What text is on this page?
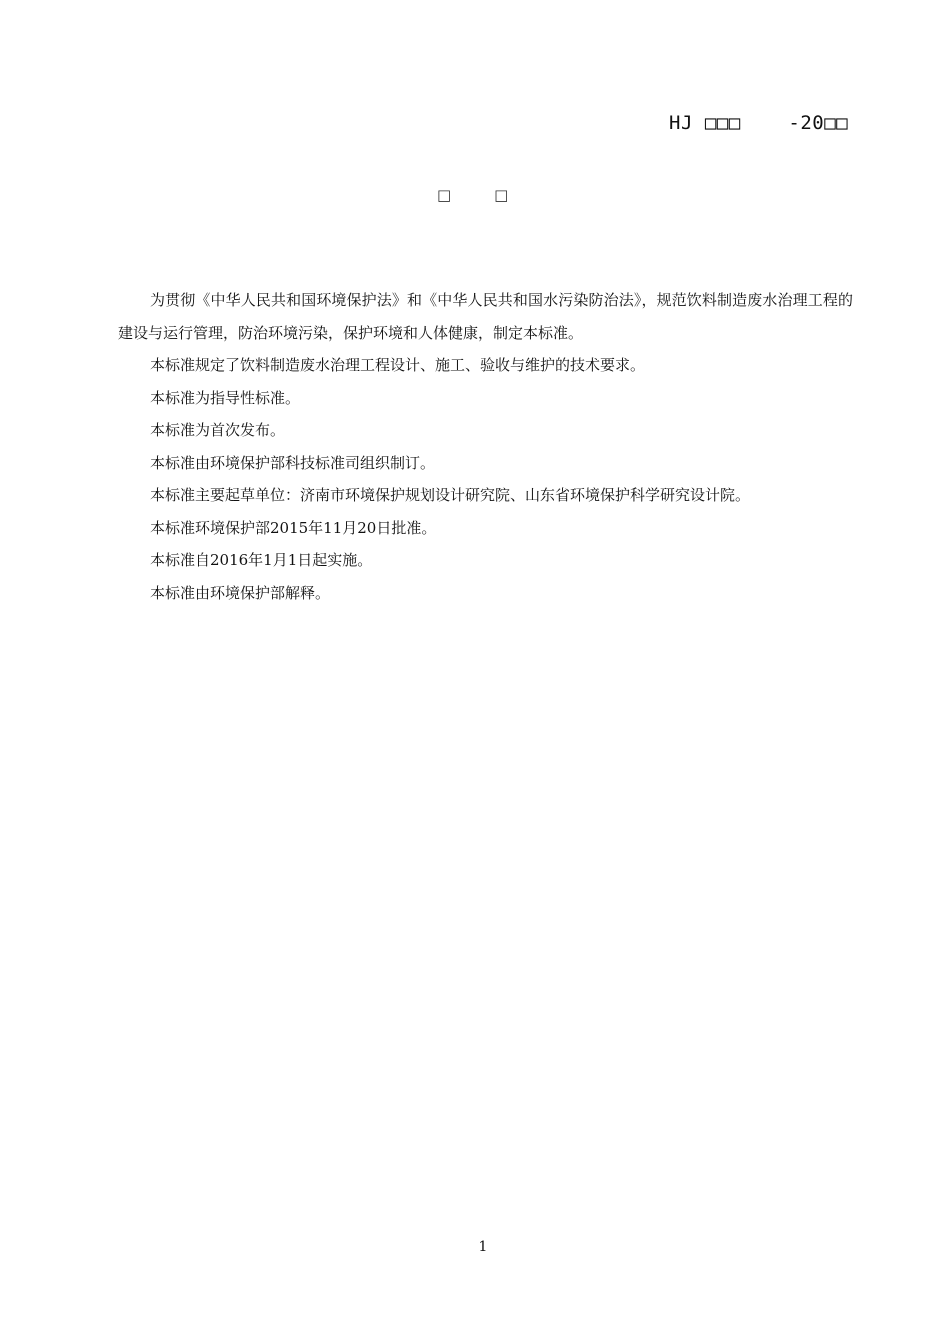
HJ □□□    -20□□
□         □

为贯彻《中华人民共和国环境保护法》和《中华人民共和国水污染防治法》，规范饮料制造废水治理工程的建设与运行管理，防治环境污染，保护环境和人体健康，制定本标准。

本标准规定了饮料制造废水治理工程设计、施工、验收与维护的技术要求。

本标准为指导性标准。

本标准为首次发布。

本标准由环境保护部科技标准司组织制订。

本标准主要起草单位：济南市环境保护规划设计研究院、山东省环境保护科学研究设计院。

本标准环境保护部2015年11月20日批准。

本标准自2016年1月1日起实施。

本标准由环境保护部解释。

1
